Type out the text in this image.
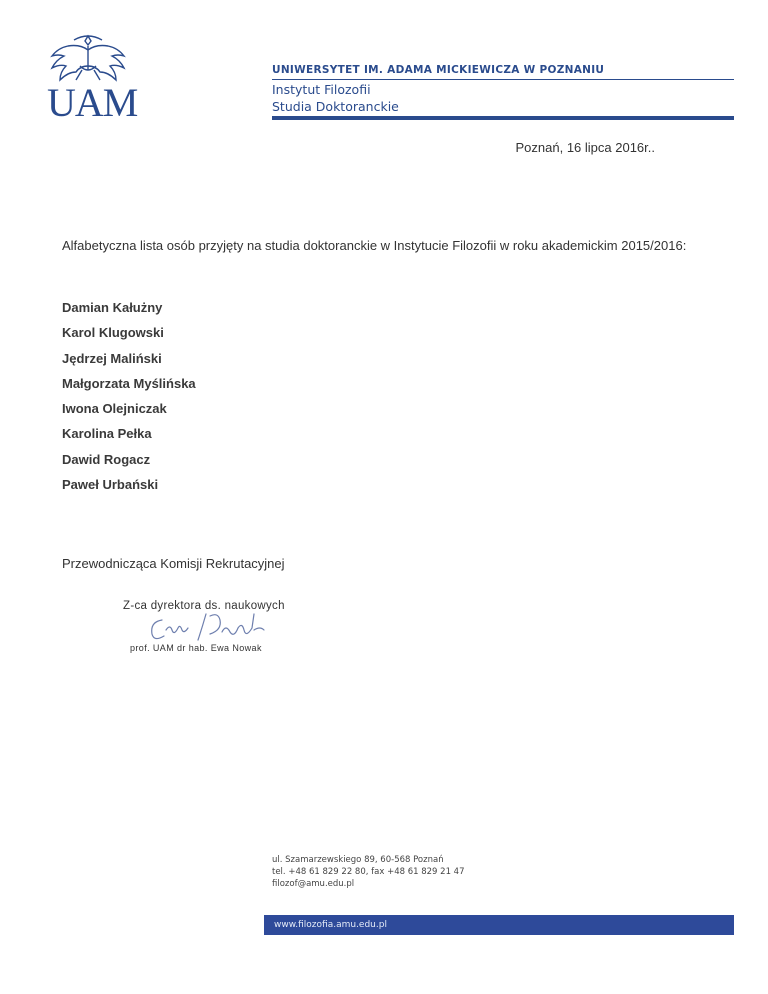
UAM
UNIWERSYTET IM. ADAMA MICKIEWICZA W POZNANIU
Instytut Filozofii
Studia Doktoranckie
Poznań, 16 lipca 2016r..
Alfabetyczna lista osób przyjęty na studia doktoranckie w Instytucie Filozofii w roku akademickim 2015/2016:
Damian Kałużny
Karol Klugowski
Jędrzej Maliński
Małgorzata Myślińska
Iwona Olejniczak
Karolina Pełka
Dawid Rogacz
Paweł Urbański
Przewodnicząca Komisji Rekrutacyjnej
Z-ca dyrektora ds. naukowych
prof. UAM dr hab. Ewa Nowak
ul. Szamarzewskiego 89, 60-568 Poznań
tel. +48 61 829 22 80, fax +48 61 829 21 47
filozof@amu.edu.pl
www.filozofia.amu.edu.pl
